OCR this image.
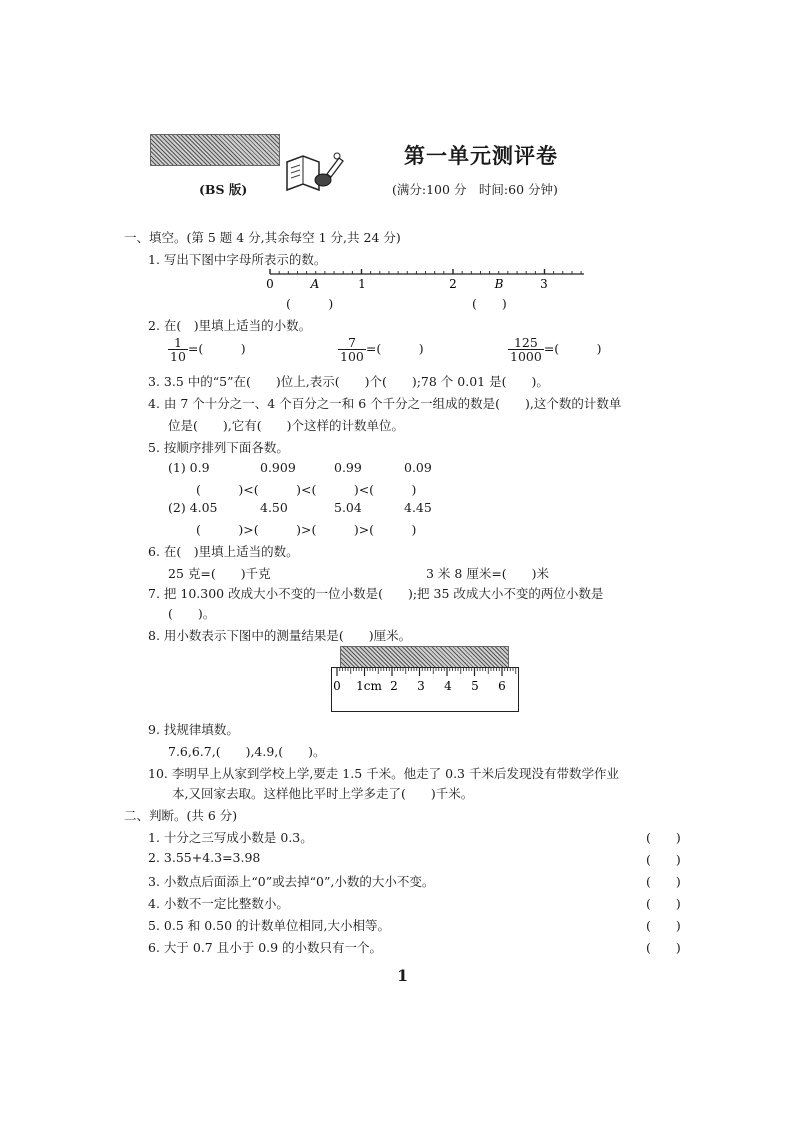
第一单元测评卷
(BS 版)	(满分:100 分　时间:60 分钟)
一、填空。(第 5 题 4 分,其余每空 1 分,共 24 分)
1. 写出下图中字母所表示的数。
0	A	1	2	B	3
(　　　)	(　　)
2. 在(　)里填上适当的小数。
$\frac{1}{10}$ =(　　　)	$\frac{7}{100}$ =(　　　)	$\frac{125}{1000}$ =(　　　)
3. 3.5 中的“5”在(　　)位上,表示(　　)个(　　);78 个 0.01 是(　　)。
4. 由 7 个十分之一、4 个百分之一和 6 个千分之一组成的数是(　　),这个数的计数单
位是(　　),它有(　　)个这样的计数单位。
5. 按顺序排列下面各数。
(1) 0.9	0.909	0.99	0.09
(　　　)<(　　　)<(　　　)<(　　　)
(2) 4.05	4.50	5.04	4.45
(　　　)>(　　　)>(　　　)>(　　　)
6. 在(　)里填上适当的数。
25 克=(　　)千克	3 米 8 厘米=(　　)米
7. 把 10.300 改成大小不变的一位小数是(　　);把 35 改成大小不变的两位小数是
(　　)。
8. 用小数表示下图中的测量结果是(　　)厘米。
0 1cm 2 3 4 5 6
9. 找规律填数。
7.6,6.7,(　　),4.9,(　　)。
10. 李明早上从家到学校上学,要走 1.5 千米。他走了 0.3 千米后发现没有带数学作业
本,又回家去取。这样他比平时上学多走了(　　)千米。
二、判断。(共 6 分)
1. 十分之三写成小数是 0.3。	(　　)
2. 3.55+4.3=3.98	(　　)
3. 小数点后面添上“0”或去掉“0”,小数的大小不变。	(　　)
4. 小数不一定比整数小。	(　　)
5. 0.5 和 0.50 的计数单位相同,大小相等。	(　　)
6. 大于 0.7 且小于 0.9 的小数只有一个。	(　　)
1
